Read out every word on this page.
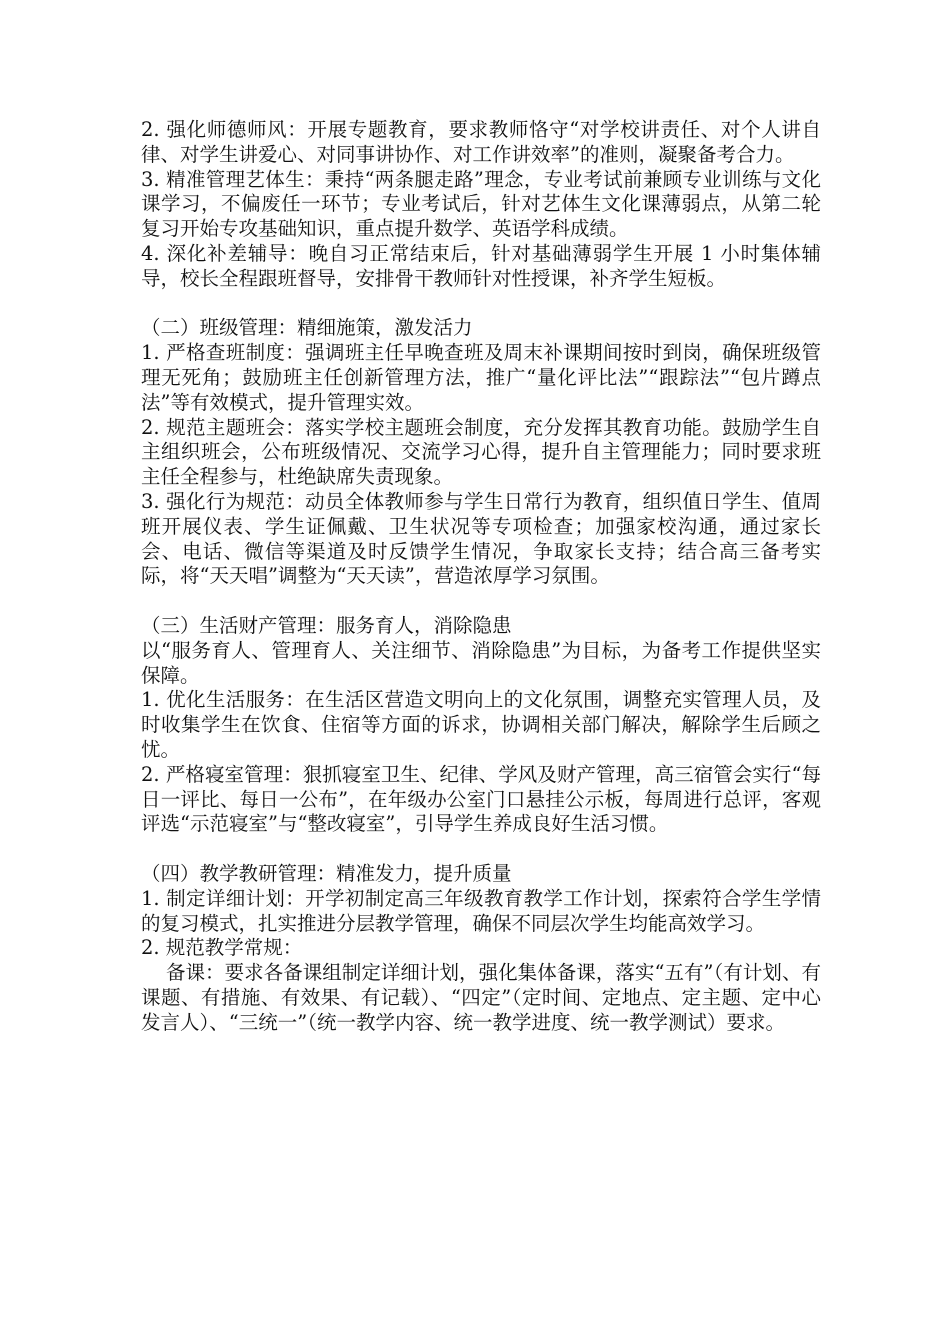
2. 强化师德师风：开展专题教育，要求教师恪守“对学校讲责任、对个人讲自律、对学生讲爱心、对同事讲协作、对工作讲效率”的准则，凝聚备考合力。

3. 精准管理艺体生：秉持“两条腿走路”理念，专业考试前兼顾专业训练与文化课学习，不偏废任一环节；专业考试后，针对艺体生文化课薄弱点，从第二轮复习开始专攻基础知识，重点提升数学、英语学科成绩。

4. 深化补差辅导：晚自习正常结束后，针对基础薄弱学生开展 1 小时集体辅导，校长全程跟班督导，安排骨干教师针对性授课，补齐学生短板。

（二）班级管理：精细施策，激发活力

1. 严格查班制度：强调班主任早晚查班及周末补课期间按时到岗，确保班级管理无死角；鼓励班主任创新管理方法，推广“量化评比法”“跟踪法”“包片蹲点法”等有效模式，提升管理实效。

2. 规范主题班会：落实学校主题班会制度，充分发挥其教育功能。鼓励学生自主组织班会，公布班级情况、交流学习心得，提升自主管理能力；同时要求班主任全程参与，杜绝缺席失责现象。

3. 强化行为规范：动员全体教师参与学生日常行为教育，组织值日学生、值周班开展仪表、学生证佩戴、卫生状况等专项检查；加强家校沟通，通过家长会、电话、微信等渠道及时反馈学生情况，争取家长支持；结合高三备考实际，将“天天唱”调整为“天天读”，营造浓厚学习氛围。

（三）生活财产管理：服务育人，消除隐患

以“服务育人、管理育人、关注细节、消除隐患”为目标，为备考工作提供坚实保障。

1. 优化生活服务：在生活区营造文明向上的文化氛围，调整充实管理人员，及时收集学生在饮食、住宿等方面的诉求，协调相关部门解决，解除学生后顾之忧。

2. 严格寝室管理：狠抓寝室卫生、纪律、学风及财产管理，高三宿管会实行“每日一评比、每日一公布”，在年级办公室门口悬挂公示板，每周进行总评，客观评选“示范寝室”与“整改寝室”，引导学生养成良好生活习惯。

（四）教学教研管理：精准发力，提升质量

1. 制定详细计划：开学初制定高三年级教育教学工作计划，探索符合学生学情的复习模式，扎实推进分层教学管理，确保不同层次学生均能高效学习。

2. 规范教学常规：

备课：要求各备课组制定详细计划，强化集体备课，落实“五有”（有计划、有课题、有措施、有效果、有记载）、“四定”（定时间、定地点、定主题、定中心发言人）、“三统一”（统一教学内容、统一教学进度、统一教学测试）要求。
